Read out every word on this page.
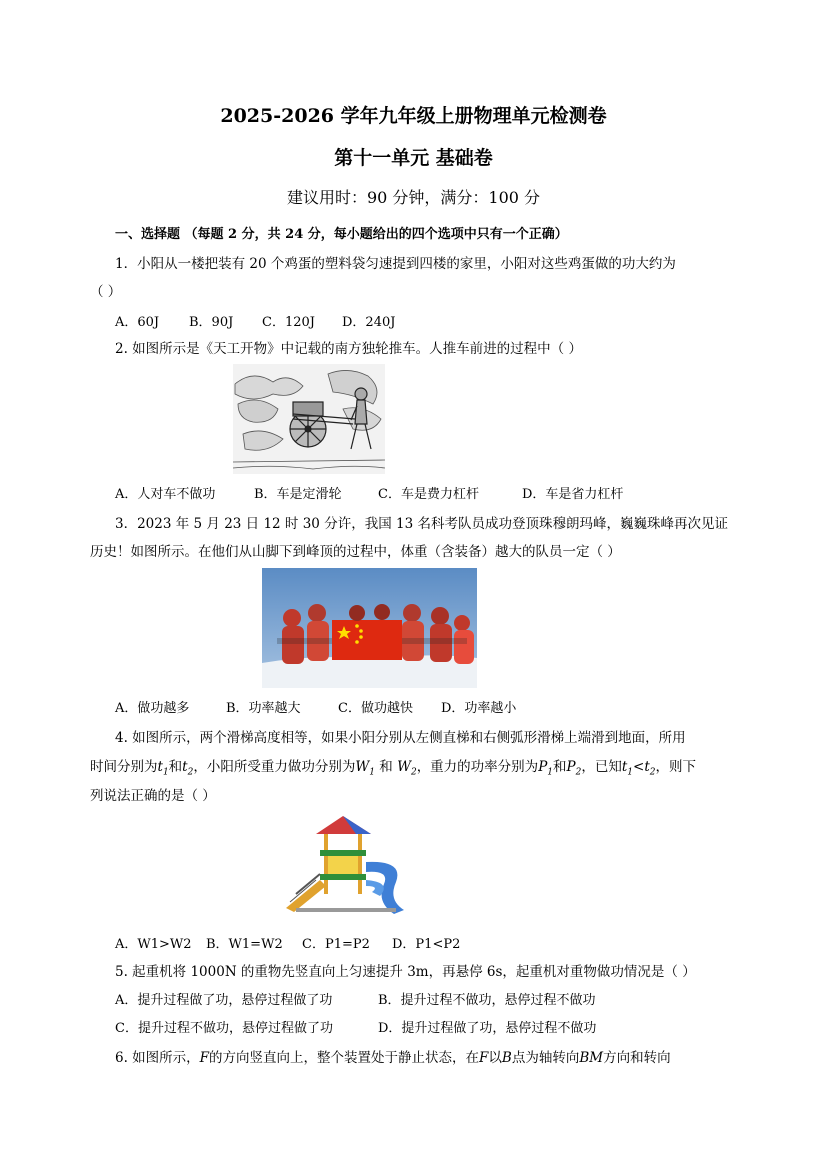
2025-2026 学年九年级上册物理单元检测卷
第十一单元 基础卷
建议用时：90 分钟，满分：100 分
一、选择题 （每题 2 分，共 24 分，每小题给出的四个选项中只有一个正确）
1．小阳从一楼把装有 20 个鸡蛋的塑料袋匀速提到四楼的家里，小阳对这些鸡蛋做的功大约为
（ ）
A．60J B．90J C．120J D．240J
2. 如图所示是《天工开物》中记载的南方独轮推车。人推车前进的过程中（ ）
A．人对车不做功	B．车是定滑轮	C．车是费力杠杆	D．车是省力杠杆
3．2023 年 5 月 23 日 12 时 30 分许，我国 13 名科考队员成功登顶珠穆朗玛峰，巍巍珠峰再次见证
历史！如图所示。在他们从山脚下到峰顶的过程中，体重（含装备）越大的队员一定（ ）
A．做功越多	B．功率越大	C．做功越快 D．功率越小
4. 如图所示，两个滑梯高度相等，如果小阳分别从左侧直梯和右侧弧形滑梯上端滑到地面，所用
时间分别为$t_1$和$t_2$，小阳所受重力做功分别为$W_1$ 和 $W_2$，重力的功率分别为$P_1$和$P_2$，已知$t_1<t_2$，则下
列说法正确的是（ ）
A．W1>W2 B．W1=W2 C．P1=P2 D．P1<P2
5. 起重机将 1000N 的重物先竖直向上匀速提升 3m，再悬停 6s，起重机对重物做功情况是（ ）
A．提升过程做了功，悬停过程做了功	B．提升过程不做功，悬停过程不做功
C．提升过程不做功，悬停过程做了功	D．提升过程做了功，悬停过程不做功
6. 如图所示，F的方向竖直向上，整个装置处于静止状态，在F以B点为轴转向BM方向和转向
